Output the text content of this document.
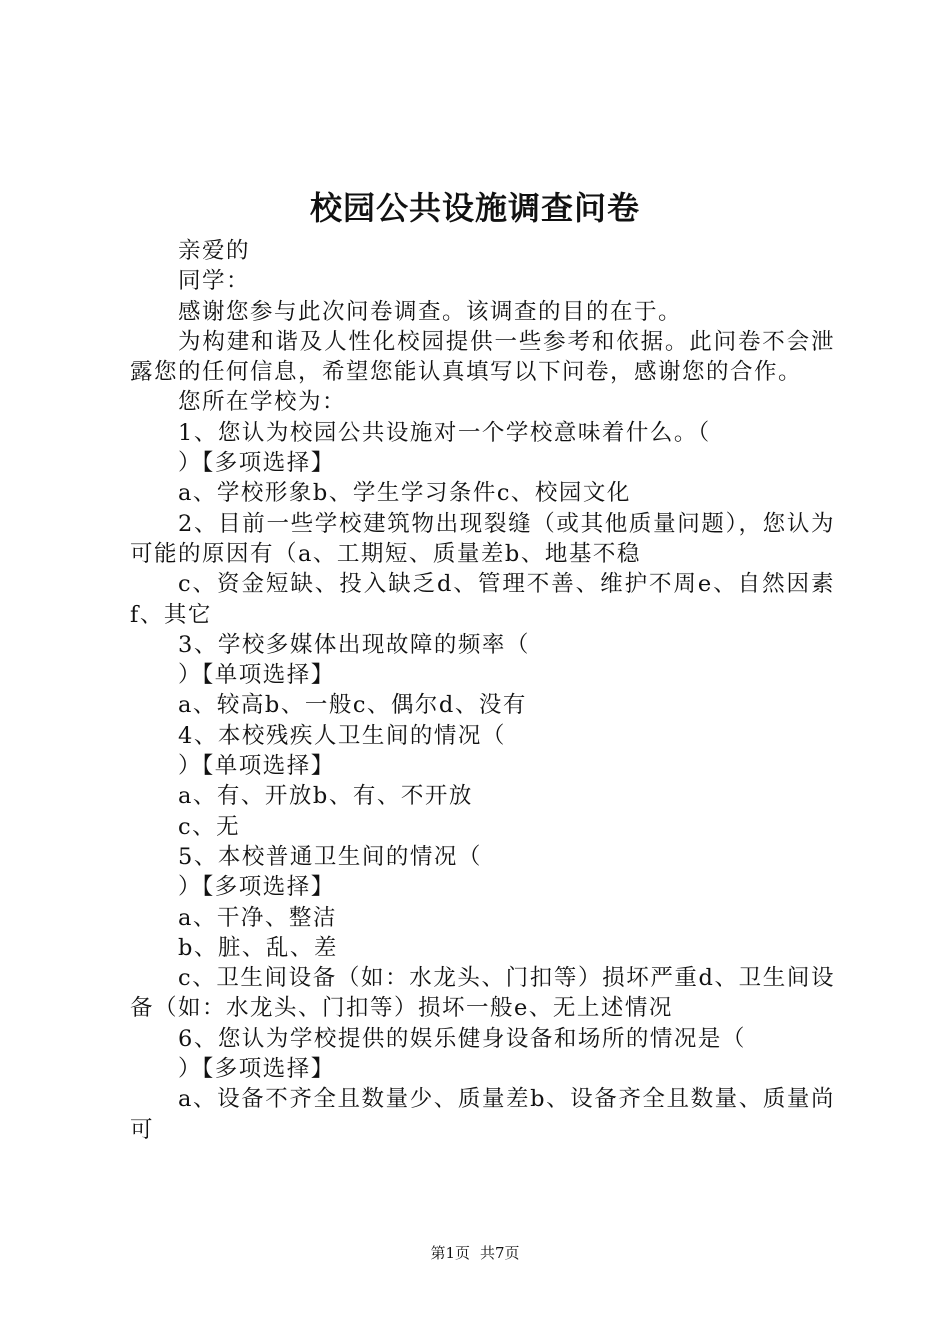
校园公共设施调查问卷

亲爱的

同学：

感谢您参与此次问卷调查。该调查的目的在于。

为构建和谐及人性化校园提供一些参考和依据。此问卷不会泄露您的任何信息，希望您能认真填写以下问卷，感谢您的合作。

您所在学校为：

1、您认为校园公共设施对一个学校意味着什么。（

）【多项选择】

a、学校形象b、学生学习条件c、校园文化

2、目前一些学校建筑物出现裂缝（或其他质量问题），您认为可能的原因有（a、工期短、质量差b、地基不稳

c、资金短缺、投入缺乏d、管理不善、维护不周e、自然因素f、其它

3、学校多媒体出现故障的频率（

）【单项选择】

a、较高b、一般c、偶尔d、没有

4、本校残疾人卫生间的情况（

）【单项选择】

a、有、开放b、有、不开放

c、无

5、本校普通卫生间的情况（

）【多项选择】

a、干净、整洁

b、脏、乱、差

c、卫生间设备（如：水龙头、门扣等）损坏严重d、卫生间设备（如：水龙头、门扣等）损坏一般e、无上述情况

6、您认为学校提供的娱乐健身设备和场所的情况是（

）【多项选择】

a、设备不齐全且数量少、质量差b、设备齐全且数量、质量尚可

第1页 共7页
